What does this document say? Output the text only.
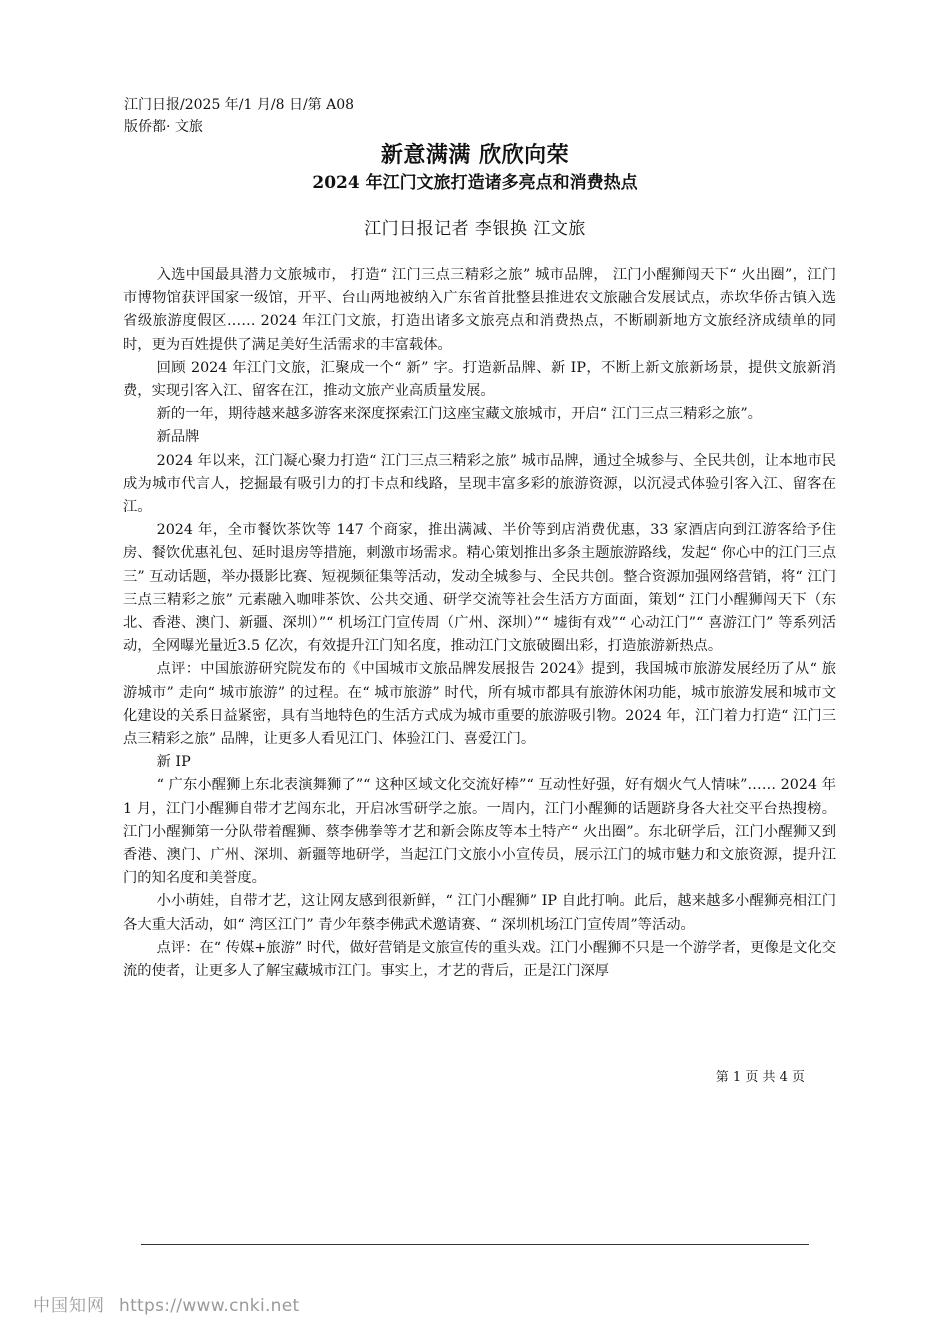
江门日报/2025 年/1 月/8 日/第 A08
版侨都· 文旅
新意满满 欣欣向荣
2024 年江门文旅打造诸多亮点和消费热点
江门日报记者 李银换 江文旅

入选中国最具潜力文旅城市， 打造“ 江门三点三精彩之旅” 城市品牌， 江门小醒狮闯天下“ 火出圈”，江门市博物馆获评国家一级馆，开平、台山两地被纳入广东省首批整县推进农文旅融合发展试点，赤坎华侨古镇入选省级旅游度假区…… 2024 年江门文旅，打造出诸多文旅亮点和消费热点，不断刷新地方文旅经济成绩单的同时，更为百姓提供了满足美好生活需求的丰富载体。

回顾 2024 年江门文旅，汇聚成一个“ 新” 字。打造新品牌、新 IP，不断上新文旅新场景，提供文旅新消费，实现引客入江、留客在江，推动文旅产业高质量发展。

新的一年，期待越来越多游客来深度探索江门这座宝藏文旅城市，开启“ 江门三点三精彩之旅”。

新品牌

2024 年以来，江门凝心聚力打造“ 江门三点三精彩之旅” 城市品牌，通过全城参与、全民共创，让本地市民成为城市代言人，挖掘最有吸引力的打卡点和线路，呈现丰富多彩的旅游资源，以沉浸式体验引客入江、留客在江。

2024 年，全市餐饮茶饮等 147 个商家，推出满减、半价等到店消费优惠，33 家酒店向到江游客给予住房、餐饮优惠礼包、延时退房等措施，刺激市场需求。精心策划推出多条主题旅游路线，发起“ 你心中的江门三点三” 互动话题，举办摄影比赛、短视频征集等活动，发动全城参与、全民共创。整合资源加强网络营销，将“ 江门三点三精彩之旅” 元素融入咖啡茶饮、公共交通、研学交流等社会生活方方面面，策划“ 江门小醒狮闯天下（东北、香港、澳门、新疆、深圳）”“ 机场江门宣传周（广州、深圳）”“ 墟街有戏”“ 心动江门”“ 喜游江门” 等系列活动，全网曝光量近3.5 亿次，有效提升江门知名度，推动江门文旅破圈出彩，打造旅游新热点。

点评：中国旅游研究院发布的《中国城市文旅品牌发展报告 2024》提到，我国城市旅游发展经历了从“ 旅游城市” 走向“ 城市旅游” 的过程。在“ 城市旅游” 时代，所有城市都具有旅游休闲功能，城市旅游发展和城市文化建设的关系日益紧密，具有当地特色的生活方式成为城市重要的旅游吸引物。2024 年，江门着力打造“ 江门三点三精彩之旅” 品牌，让更多人看见江门、体验江门、喜爱江门。

新 IP

“ 广东小醒狮上东北表演舞狮了”“ 这种区域文化交流好棒”“ 互动性好强，好有烟火气人情味”…… 2024 年 1 月，江门小醒狮自带才艺闯东北，开启冰雪研学之旅。一周内，江门小醒狮的话题跻身各大社交平台热搜榜。江门小醒狮第一分队带着醒狮、蔡李佛拳等才艺和新会陈皮等本土特产“ 火出圈”。东北研学后，江门小醒狮又到香港、澳门、广州、深圳、新疆等地研学，当起江门文旅小小宣传员，展示江门的城市魅力和文旅资源，提升江门的知名度和美誉度。

小小萌娃，自带才艺，这让网友感到很新鲜，“ 江门小醒狮” IP 自此打响。此后，越来越多小醒狮亮相江门各大重大活动，如“ 湾区江门” 青少年蔡李佛武术邀请赛、“ 深圳机场江门宣传周”等活动。

点评：在“ 传媒+旅游” 时代，做好营销是文旅宣传的重头戏。江门小醒狮不只是一个游学者，更像是文化交流的使者，让更多人了解宝藏城市江门。事实上，才艺的背后，正是江门深厚

第 1 页 共 4 页
中国知网 https://www.cnki.net
